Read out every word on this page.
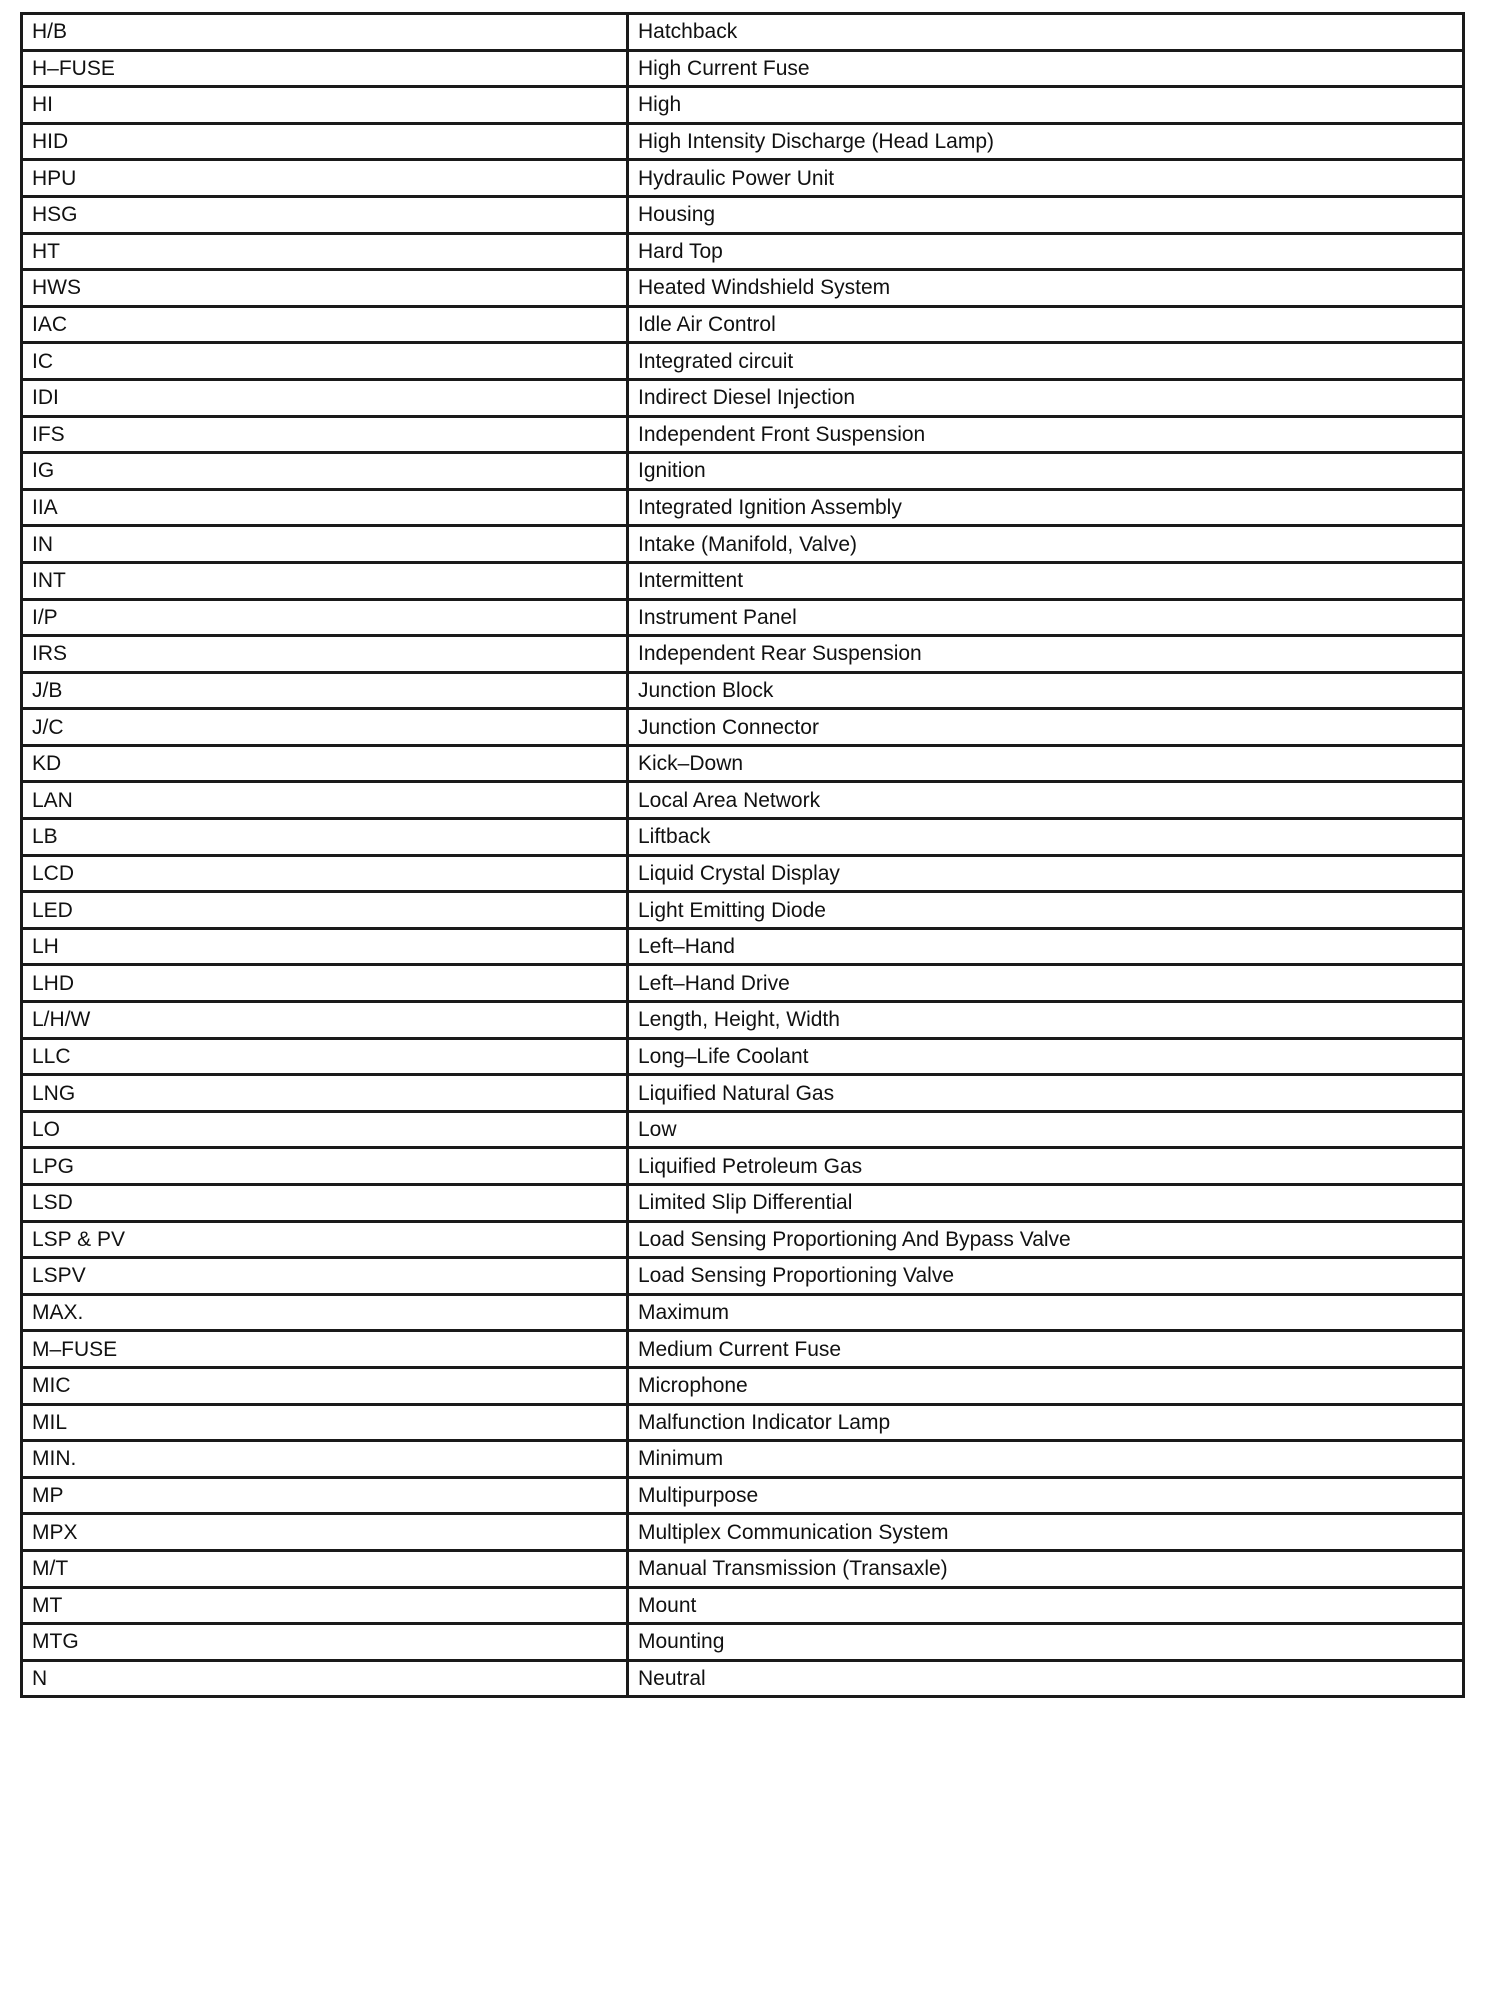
H/B	Hatchback
H–FUSE	High Current Fuse
HI	High
HID	High Intensity Discharge (Head Lamp)
HPU	Hydraulic Power Unit
HSG	Housing
HT	Hard Top
HWS	Heated Windshield System
IAC	Idle Air Control
IC	Integrated circuit
IDI	Indirect Diesel Injection
IFS	Independent Front Suspension
IG	Ignition
IIA	Integrated Ignition Assembly
IN	Intake (Manifold, Valve)
INT	Intermittent
I/P	Instrument Panel
IRS	Independent Rear Suspension
J/B	Junction Block
J/C	Junction Connector
KD	Kick–Down
LAN	Local Area Network
LB	Liftback
LCD	Liquid Crystal Display
LED	Light Emitting Diode
LH	Left–Hand
LHD	Left–Hand Drive
L/H/W	Length, Height, Width
LLC	Long–Life Coolant
LNG	Liquified Natural Gas
LO	Low
LPG	Liquified Petroleum Gas
LSD	Limited Slip Differential
LSP & PV	Load Sensing Proportioning And Bypass Valve
LSPV	Load Sensing Proportioning Valve
MAX.	Maximum
M–FUSE	Medium Current Fuse
MIC	Microphone
MIL	Malfunction Indicator Lamp
MIN.	Minimum
MP	Multipurpose
MPX	Multiplex Communication System
M/T	Manual Transmission (Transaxle)
MT	Mount
MTG	Mounting
N	Neutral
